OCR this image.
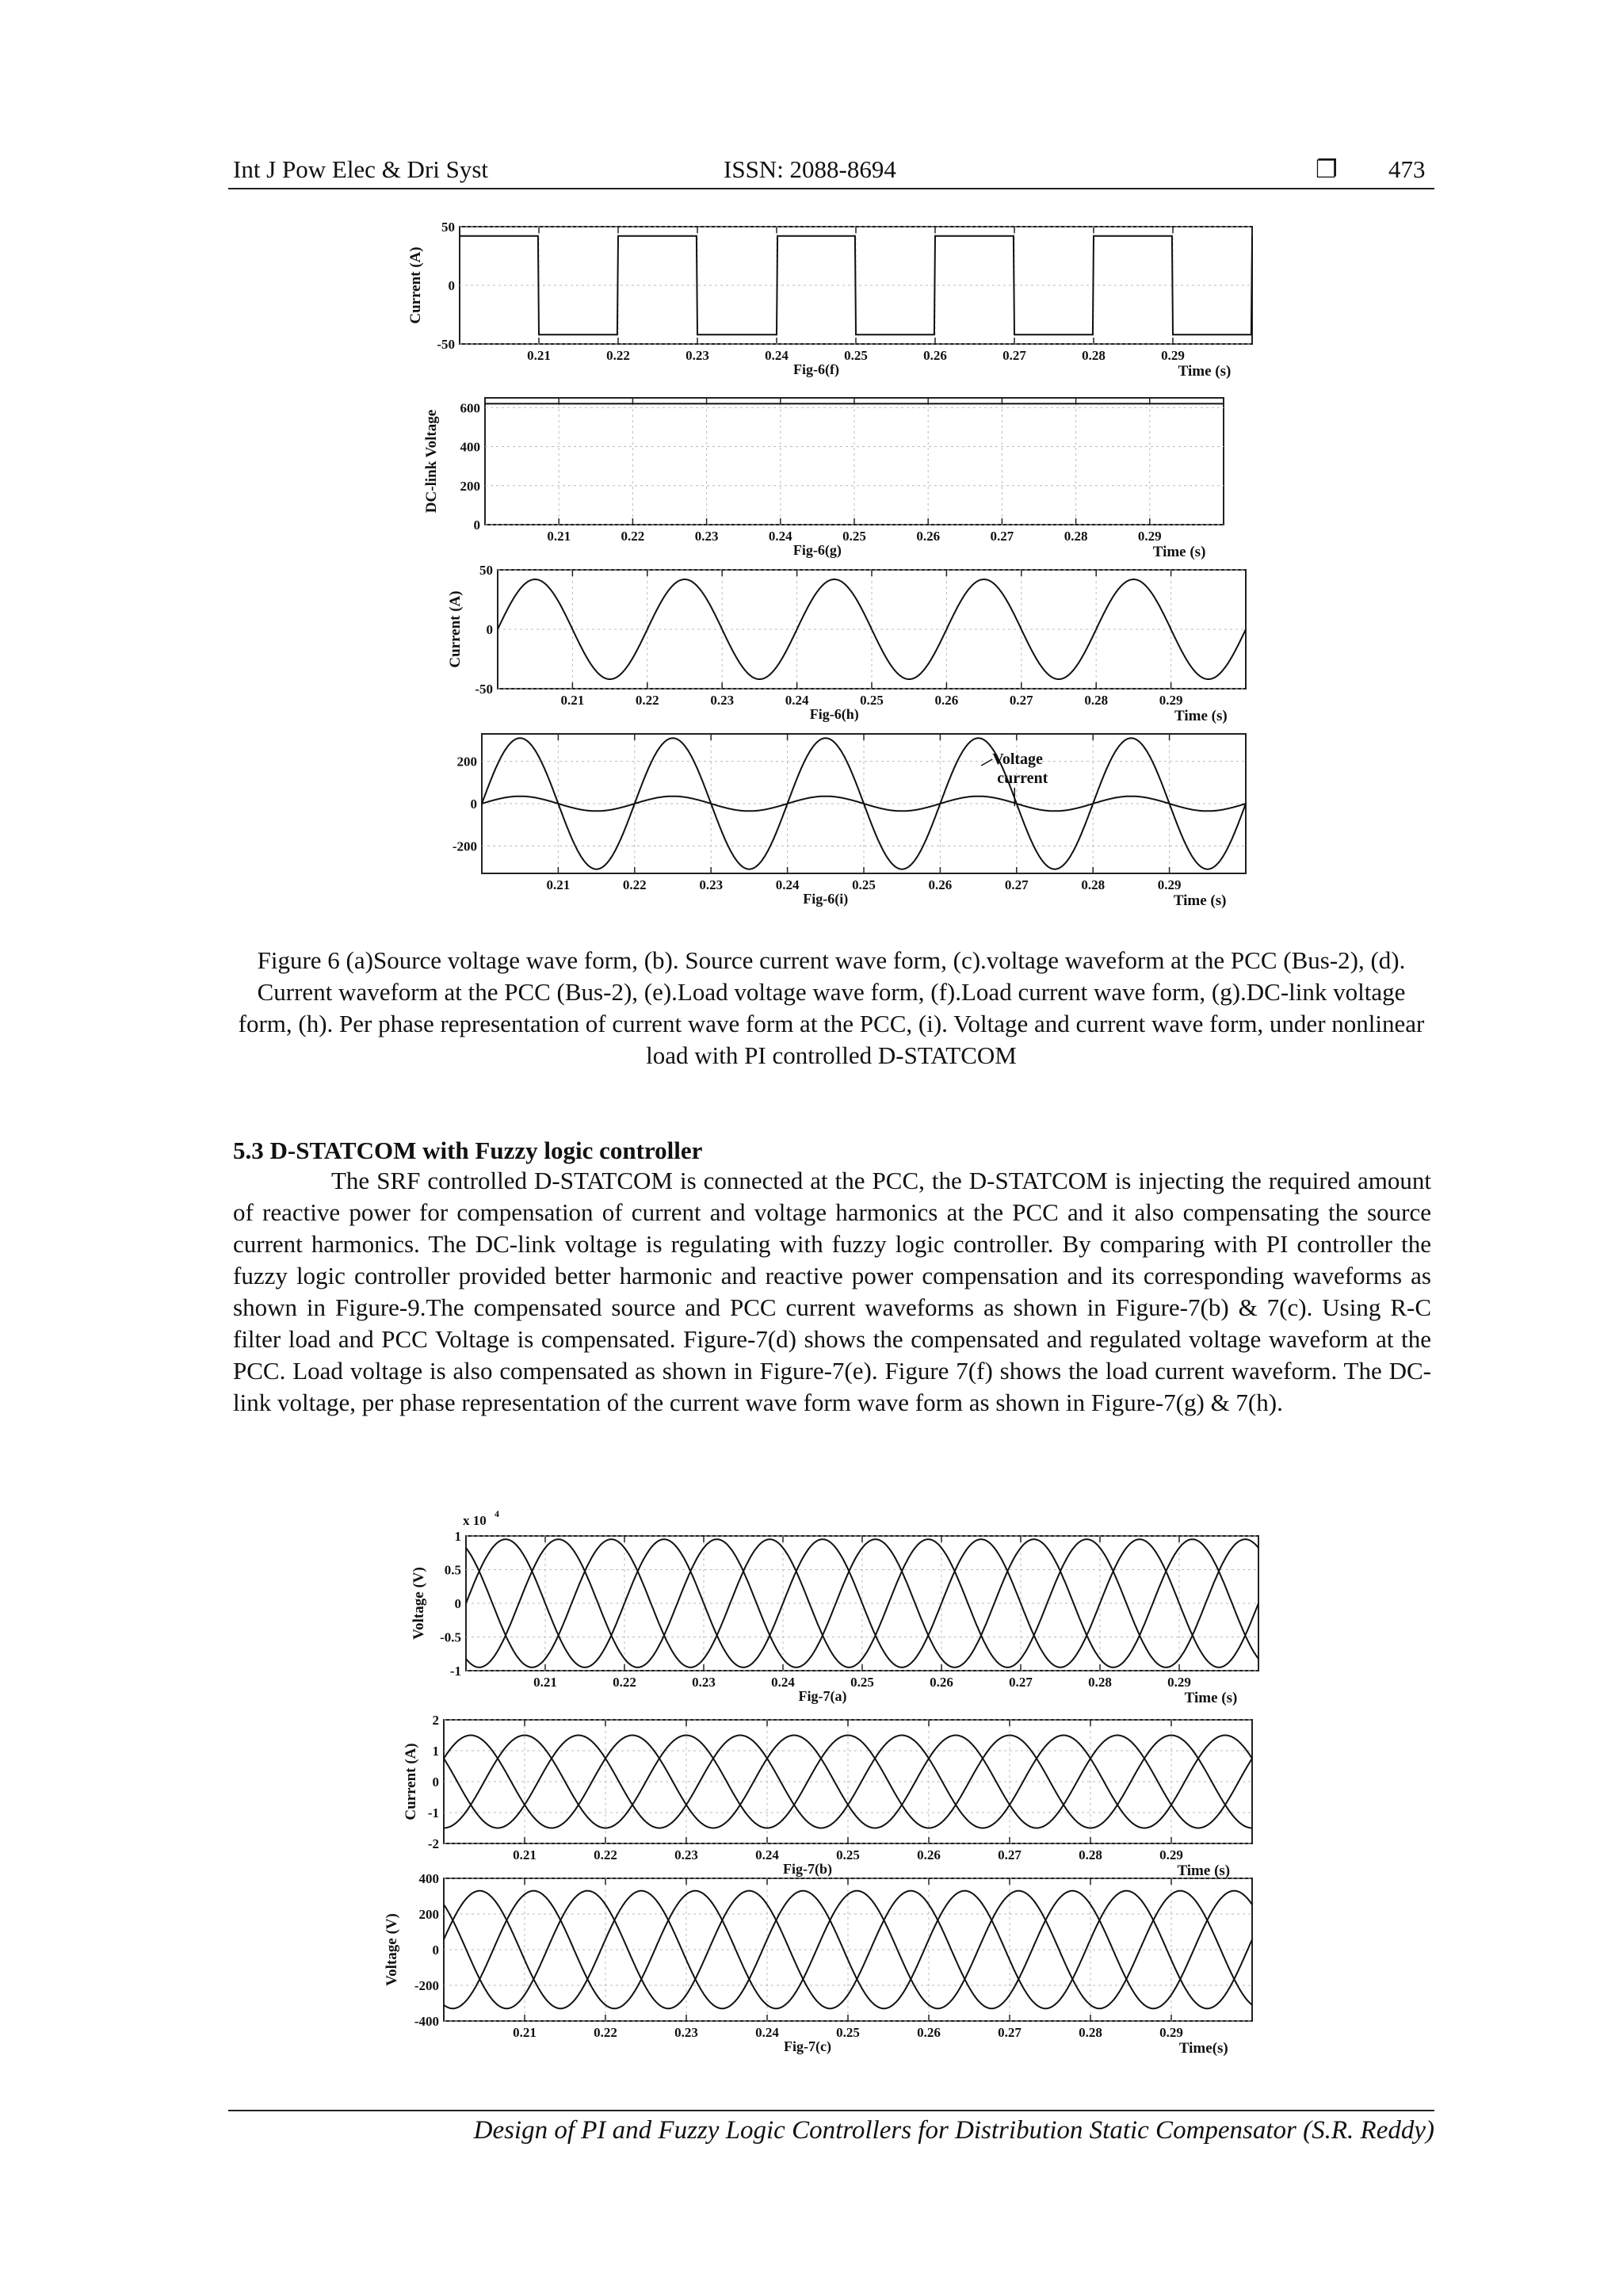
Int J Pow Elec & Dri Syst	ISSN: 2088-8694	❐ 473
0.21	0.22	0.23	0.24	0.25	0.26	0.27	0.28	0.29
50
0
-50
Current (A)
Fig-6(f)	Time (s)
0.21	0.22	0.23	0.24	0.25	0.26	0.27	0.28	0.29
600
400
200
0
DC-link Voltage
Fig-6(g)	Time (s)
0.21	0.22	0.23	0.24	0.25	0.26	0.27	0.28	0.29
50
0
-50
Current (A)
Fig-6(h)	Time (s)
0.21	0.22	0.23	0.24	0.25	0.26	0.27	0.28	0.29
200
0
-200
Fig-6(i)	Time (s)
Voltage
current
Figure 6 (a)Source voltage wave form, (b). Source current wave form, (c).voltage waveform at the PCC (Bus-2), (d). Current waveform at the PCC (Bus-2), (e).Load voltage wave form, (f).Load current wave form, (g).DC-link voltage form, (h). Per phase representation of current wave form at the PCC, (i). Voltage and current wave form, under nonlinear load with PI controlled D-STATCOM
5.3 D-STATCOM with Fuzzy logic controller

The SRF controlled D-STATCOM is connected at the PCC, the D-STATCOM is injecting the required amount of reactive power for compensation of current and voltage harmonics at the PCC and it also compensating the source current harmonics. The DC-link voltage is regulating with fuzzy logic controller. By comparing with PI controller the fuzzy logic controller provided better harmonic and reactive power compensation and its corresponding waveforms as shown in Figure-9.The compensated source and PCC current waveforms as shown in Figure-7(b) & 7(c). Using R-C filter load and PCC Voltage is compensated. Figure-7(d) shows the compensated and regulated voltage waveform at the PCC. Load voltage is also compensated as shown in Figure-7(e). Figure 7(f) shows the load current waveform. The DC-link voltage, per phase representation of the current wave form wave form as shown in Figure-7(g) & 7(h).

0.21	0.22	0.23	0.24	0.25	0.26	0.27	0.28	0.29
1
0.5
0
-0.5
-1
x 10 4
Voltage (V)
Fig-7(a)	Time (s)
0.21	0.22	0.23	0.24	0.25	0.26	0.27	0.28	0.29
2
1
0
-1
-2
Current (A)
Fig-7(b)	Time (s)
0.21	0.22	0.23	0.24	0.25	0.26	0.27	0.28	0.29
400
200
0
-200
-400
Voltage (V)
Fig-7(c)	Time(s)
Design of PI and Fuzzy Logic Controllers for Distribution Static Compensator (S.R. Reddy)
